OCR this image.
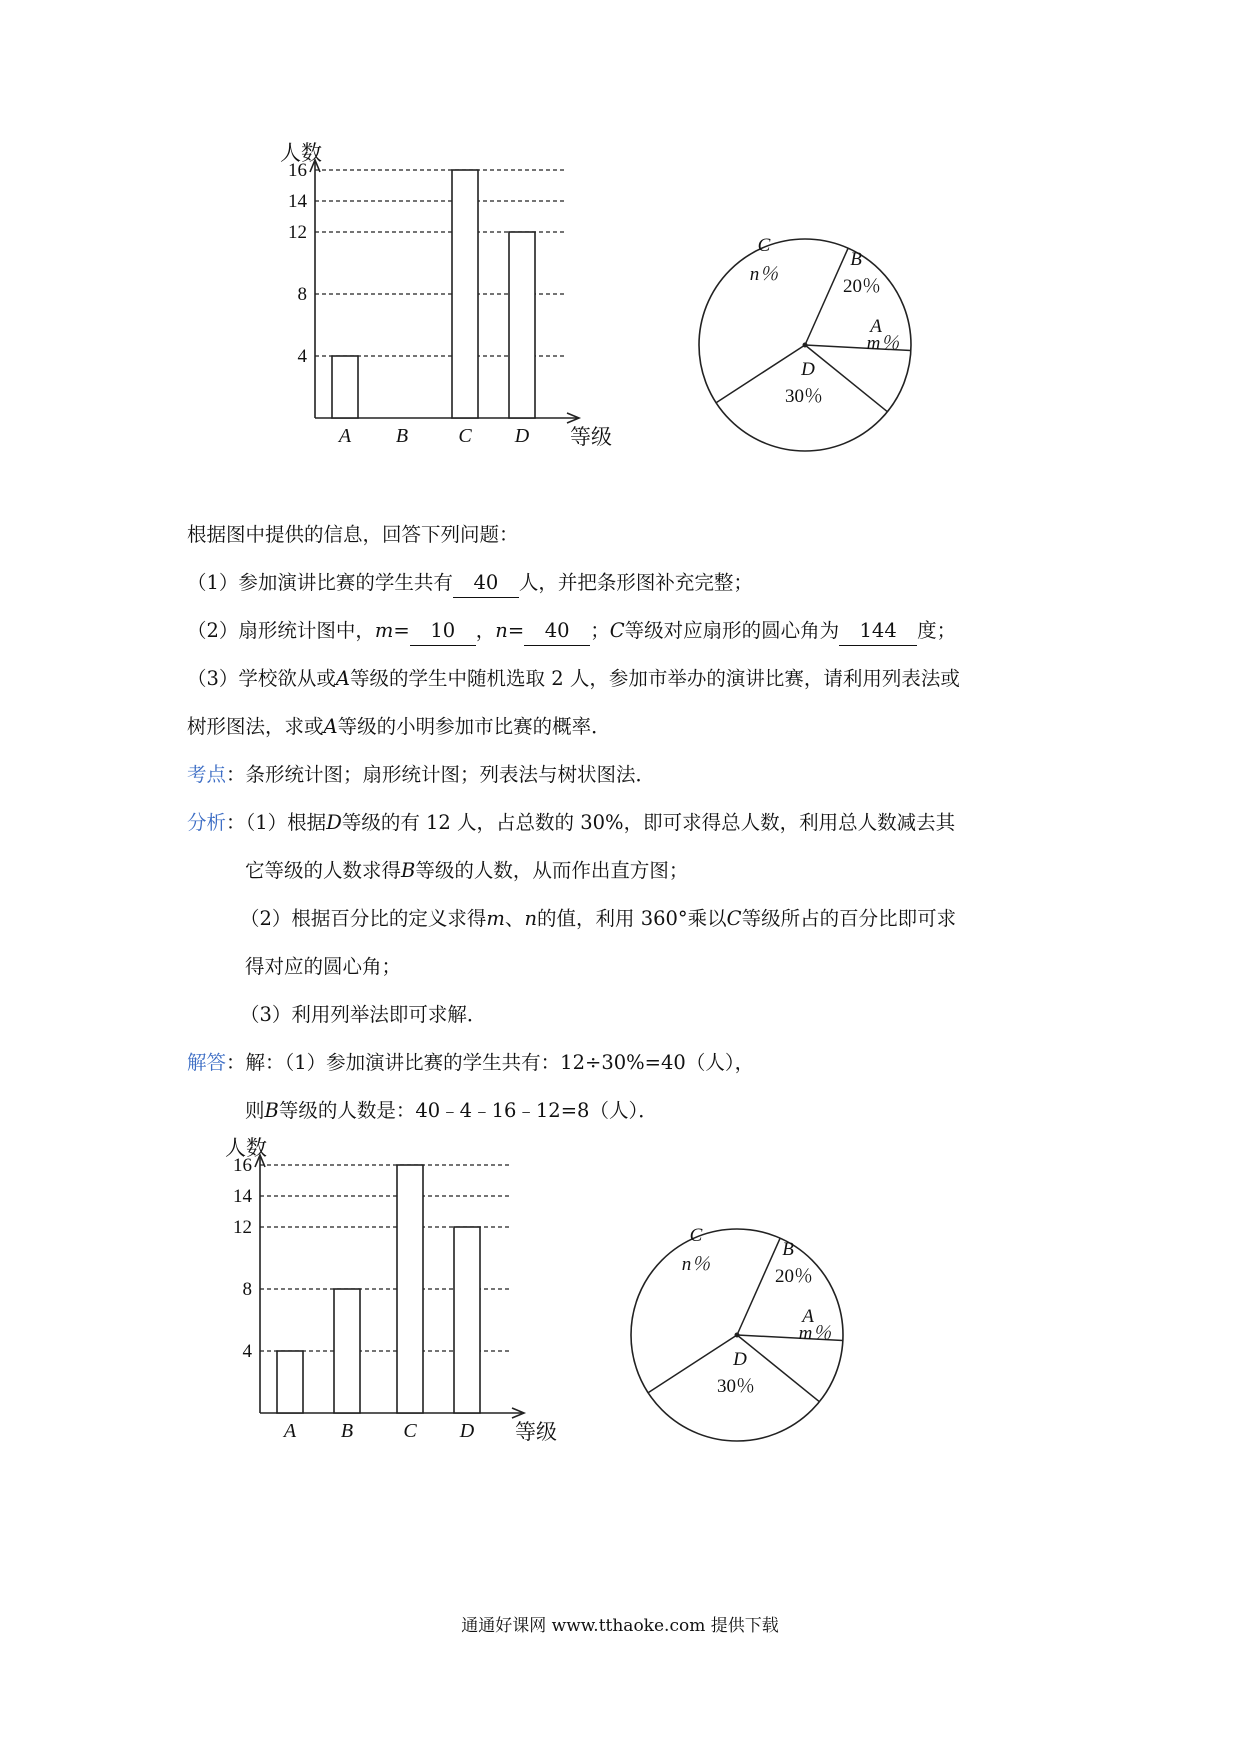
16
14
12
8
4
人数
等级
A B	C D
C
n％
B
20％
A
m％
D
30％
根据图中提供的信息，回答下列问题：
（1）参加演讲比赛的学生共有 40 人，并把条形图补充完整；
（2）扇形统计图中，m= 10 ，n= 40 ；C等级对应扇形的圆心角为 144 度；
（3）学校欲从或A等级的学生中随机选取 2 人，参加市举办的演讲比赛，请利用列表法或
树形图法，求或A等级的小明参加市比赛的概率．
考点：条形统计图；扇形统计图；列表法与树状图法．
分析：（1）根据D等级的有 12 人，占总数的 30%，即可求得总人数，利用总人数减去其
它等级的人数求得B等级的人数，从而作出直方图；
（2）根据百分比的定义求得m、n的值，利用 360°乘以C等级所占的百分比即可求
得对应的圆心角；
（3）利用列举法即可求解．
解答：解：（1）参加演讲比赛的学生共有：12÷30%=40（人），
则B等级的人数是：40﹣4﹣16﹣12=8（人）．
16
14
12
8
4
人数
等级
A B	C D
C
n％
B
20％
A
m％
D
30％
通通好课网 www.tthaoke.com 提供下载
